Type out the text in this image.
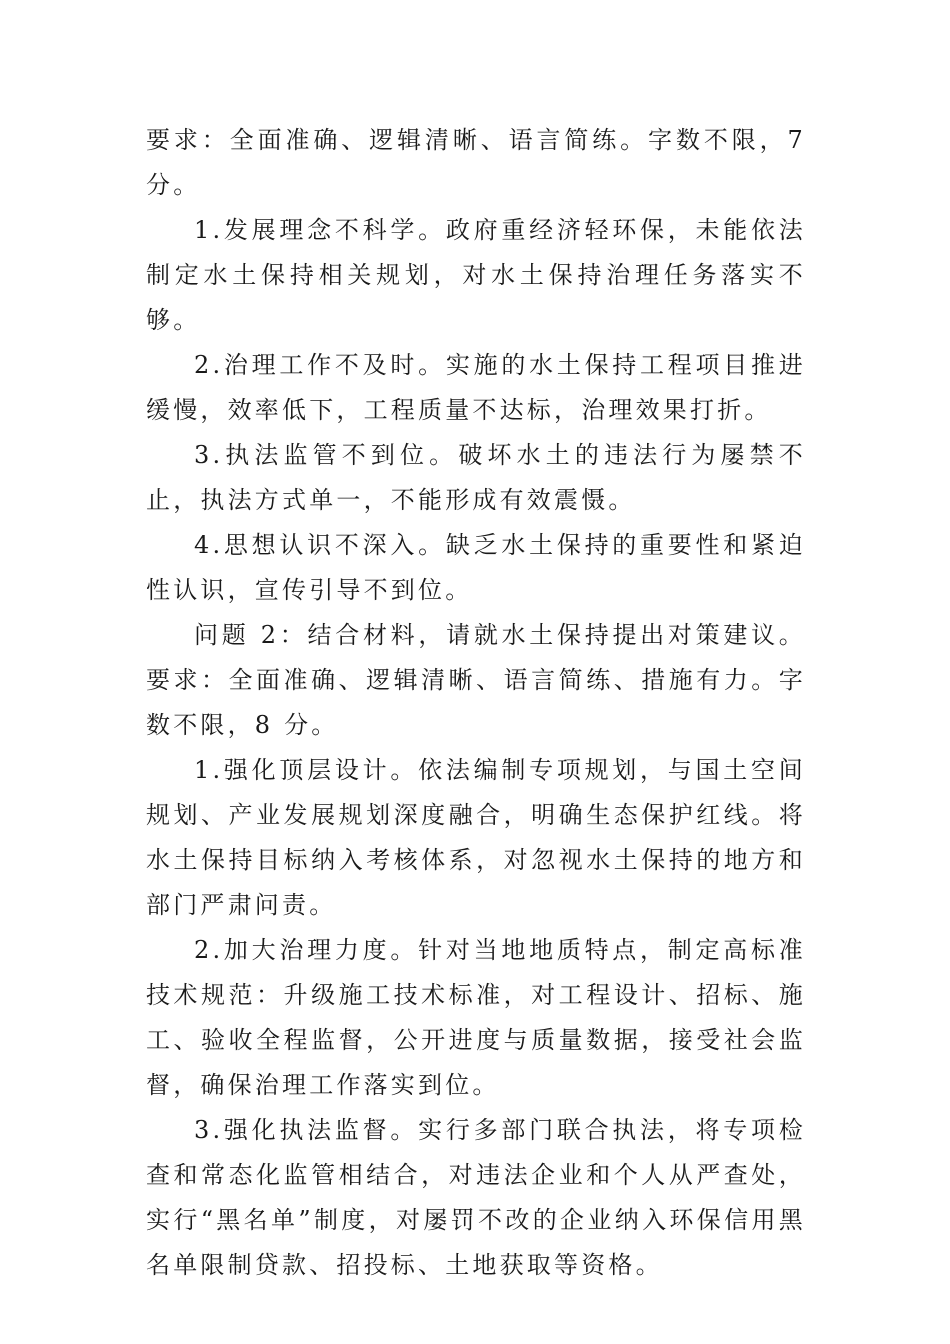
要求：全面准确、逻辑清晰、语言简练。字数不限，7 分。

1.发展理念不科学。政府重经济轻环保，未能依法制定水土保持相关规划，对水土保持治理任务落实不够。

2.治理工作不及时。实施的水土保持工程项目推进缓慢，效率低下，工程质量不达标，治理效果打折。

3.执法监管不到位。破坏水土的违法行为屡禁不止，执法方式单一，不能形成有效震慑。

4.思想认识不深入。缺乏水土保持的重要性和紧迫性认识，宣传引导不到位。

问题 2：结合材料，请就水土保持提出对策建议。要求：全面准确、逻辑清晰、语言简练、措施有力。字数不限，8 分。

1.强化顶层设计。依法编制专项规划，与国土空间规划、产业发展规划深度融合，明确生态保护红线。将水土保持目标纳入考核体系，对忽视水土保持的地方和部门严肃问责。

2.加大治理力度。针对当地地质特点，制定高标准技术规范：升级施工技术标准，对工程设计、招标、施工、验收全程监督，公开进度与质量数据，接受社会监督，确保治理工作落实到位。

3.强化执法监督。实行多部门联合执法，将专项检查和常态化监管相结合，对违法企业和个人从严查处，实行“黑名单”制度，对屡罚不改的企业纳入环保信用黑名单限制贷款、招投标、土地获取等资格。
